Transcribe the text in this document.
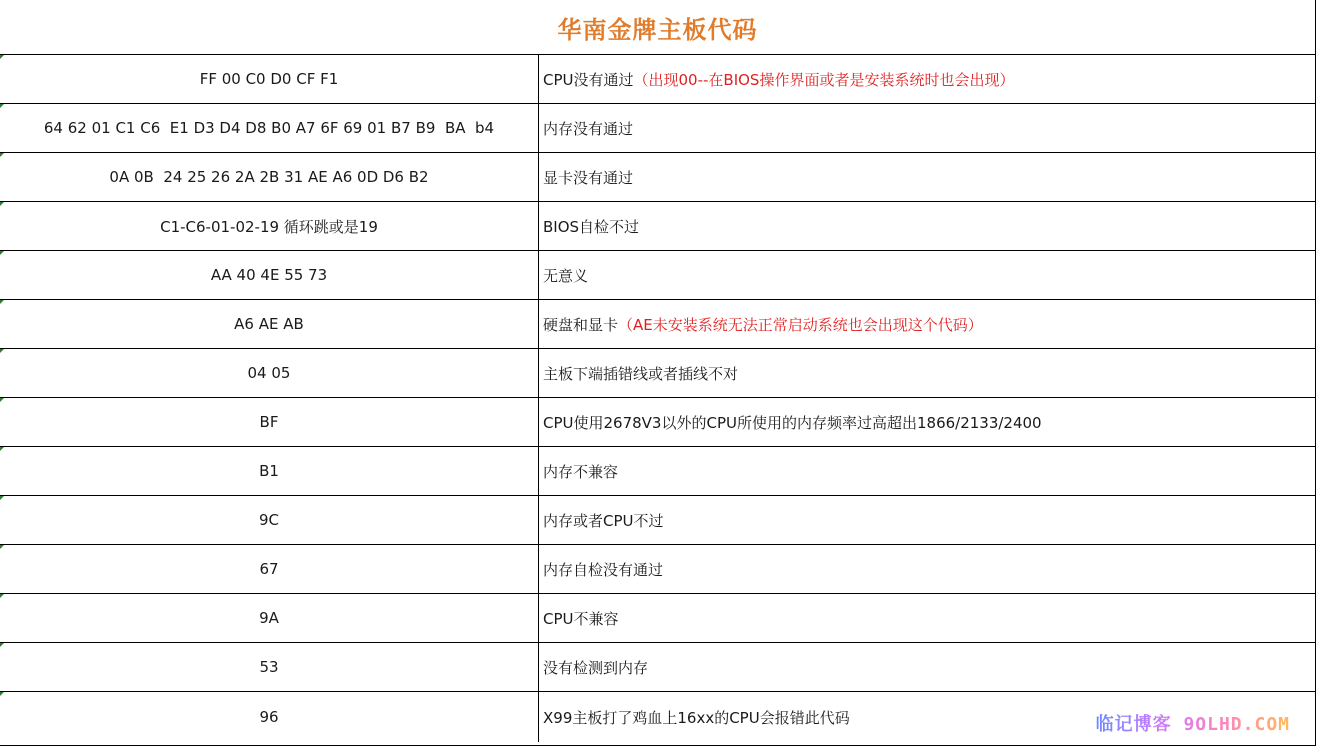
华南金牌主板代码
FF 00 C0 D0 CF F1	CPU没有通过 （出现00--在BIOS操作界面或者是安装系统时也会出现）
64 62 01 C1 C6  E1 D3 D4 D8 B0 A7 6F 69 01 B7 B9  BA  b4	内存没有通过
0A 0B  24 25 26 2A 2B 31 AE A6 0D D6 B2	显卡没有通过
C1-C6-01-02-19 循环跳或是19	BIOS自检不过
AA 40 4E 55 73	无意义
A6 AE AB	硬盘和显卡 （AE未安装系统无法正常启动系统也会出现这个代码）
04 05	主板下端插错线或者插线不对
BF	CPU使用2678V3以外的CPU所使用的内存频率过高超出1866/2133/2400
B1	内存不兼容
9C	内存或者CPU不过
67	内存自检没有通过
9A	CPU不兼容
53	没有检测到内存
96	X99主板打了鸡血上16xx的CPU会报错此代码	临记博客 9OLHD.COM
